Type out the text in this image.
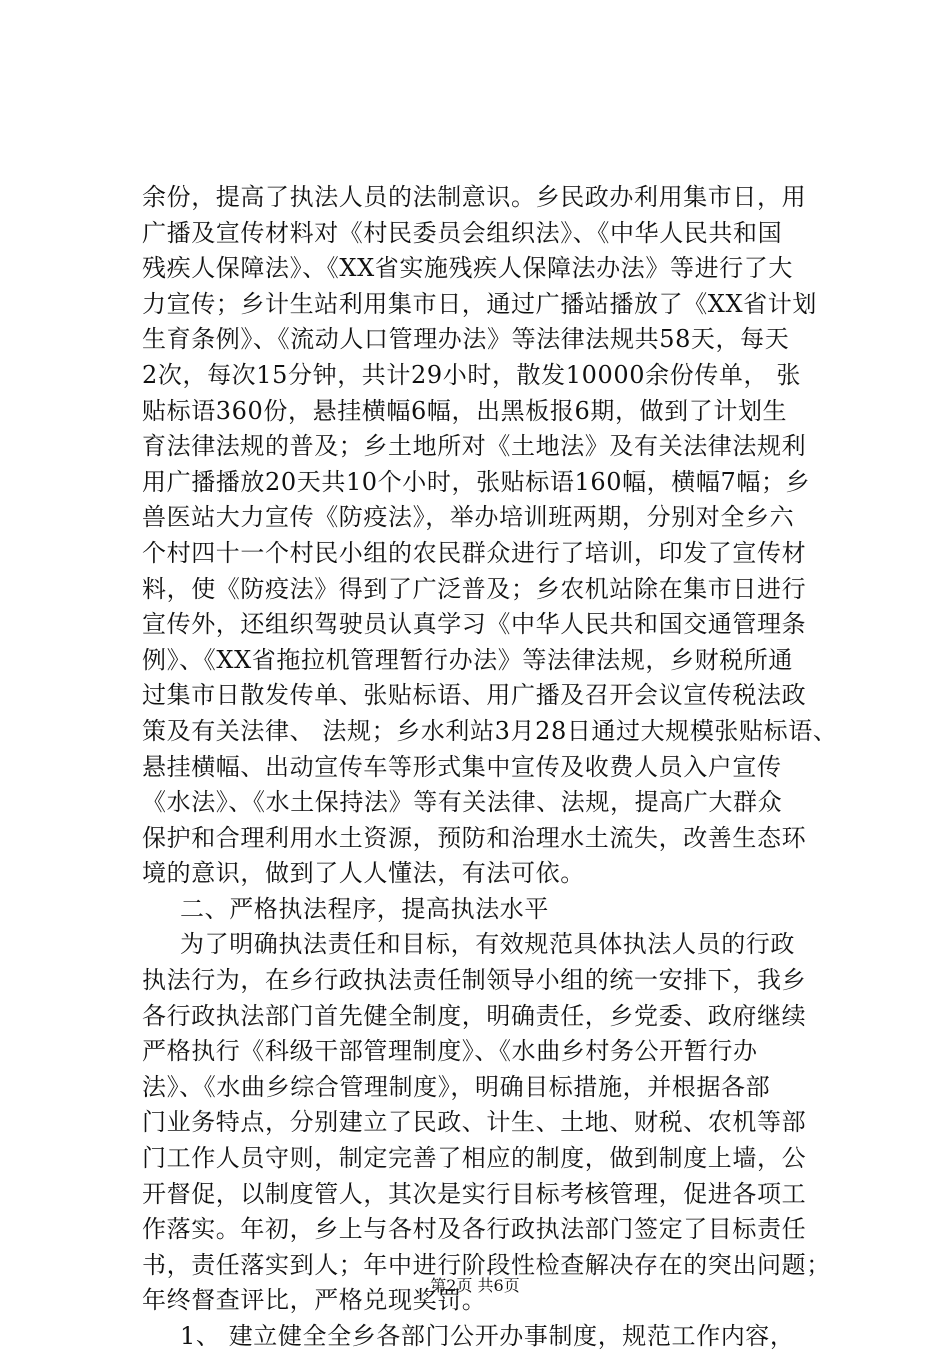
余份，提高了执法人员的法制意识。乡民政办利用集市日，用
广播及宣传材料对《村民委员会组织法》、《中华人民共和国
残疾人保障法》、《XX省实施残疾人保障法办法》等进行了大
力宣传；乡计生站利用集市日，通过广播站播放了《XX省计划
生育条例》、《流动人口管理办法》等法律法规共58天，每天
2次，每次15分钟，共计29小时，散发10000余份传单， 张
贴标语360份，悬挂横幅6幅，出黑板报6期，做到了计划生
育法律法规的普及；乡土地所对《土地法》及有关法律法规利
用广播播放20天共10个小时，张贴标语160幅，横幅7幅；乡
兽医站大力宣传《防疫法》，举办培训班两期，分别对全乡六
个村四十一个村民小组的农民群众进行了培训，印发了宣传材
料，使《防疫法》得到了广泛普及；乡农机站除在集市日进行
宣传外，还组织驾驶员认真学习《中华人民共和国交通管理条
例》、《XX省拖拉机管理暂行办法》等法律法规，乡财税所通
过集市日散发传单、张贴标语、用广播及召开会议宣传税法政
策及有关法律、 法规；乡水利站3月28日通过大规模张贴标语、
悬挂横幅、出动宣传车等形式集中宣传及收费人员入户宣传
《水法》、《水土保持法》等有关法律、法规，提高广大群众
保护和合理利用水土资源，预防和治理水土流失，改善生态环
境的意识，做到了人人懂法，有法可依。
二、严格执法程序，提高执法水平
为了明确执法责任和目标，有效规范具体执法人员的行政
执法行为，在乡行政执法责任制领导小组的统一安排下，我乡
各行政执法部门首先健全制度，明确责任，乡党委、政府继续
严格执行《科级干部管理制度》、《水曲乡村务公开暂行办
法》、《水曲乡综合管理制度》，明确目标措施，并根据各部
门业务特点，分别建立了民政、计生、土地、财税、农机等部
门工作人员守则，制定完善了相应的制度，做到制度上墙，公
开督促，以制度管人，其次是实行目标考核管理，促进各项工
作落实。年初，乡上与各村及各行政执法部门签定了目标责任
书，责任落实到人；年中进行阶段性检查解决存在的突出问题；
年终督查评比，严格兑现奖罚。
1、 建立健全全乡各部门公开办事制度，规范工作内容，
第2页 共6页
